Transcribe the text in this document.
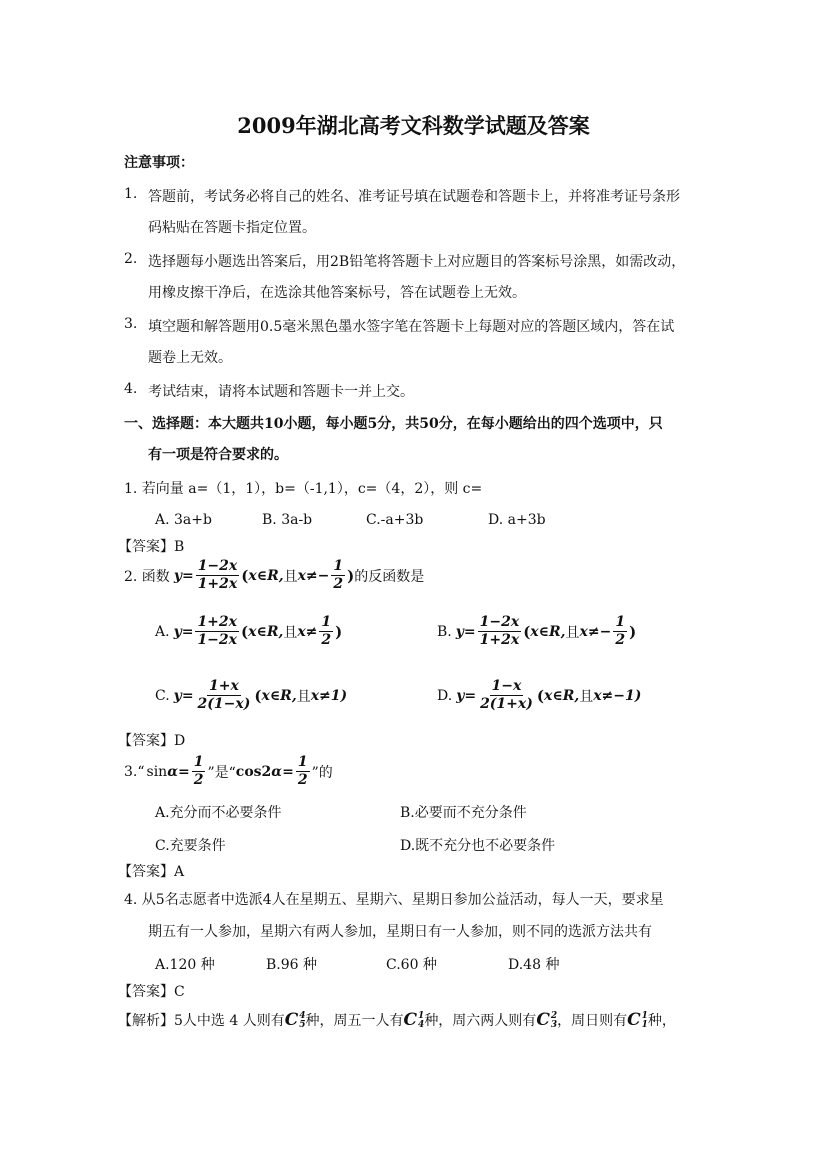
2009年湖北高考文科数学试题及答案
注意事项：
1. 答题前，考试务必将自己的姓名、准考证号填在试题卷和答题卡上，并将准考证号条形
码粘贴在答题卡指定位置。
2. 选择题每小题选出答案后，用2B铅笔将答题卡上对应题目的答案标号涂黑，如需改动，
用橡皮擦干净后，在选涂其他答案标号，答在试题卷上无效。
3. 填空题和解答题用0.5毫米黑色墨水签字笔在答题卡上每题对应的答题区域内，答在试
题卷上无效。
4. 考试结束，请将本试题和答题卡一并上交。
一、选择题：本大题共10小题，每小题5分，共50分，在每小题给出的四个选项中，只
有一项是符合要求的。
1. 若向量 a=（1，1），b=（-1,1），c=（4，2），则 c=
A. 3a+b	B. 3a-b	C.-a+3b	D. a+3b
【答案】B
2. 函数 $y = \frac{1-2x}{1+2x}$ ( x∈R, 且 $x\ne - \frac{1}{2}$ ) 的反函数是
A. $y = \frac{1+2x}{1-2x}$ ( x∈R, 且 $x\ne \frac{1}{2}$ )	B. $y = \frac{1-2x}{1+2x}$ ( x∈R, 且 $x\ne - \frac{1}{2}$ )
C. $y = \frac{1+x}{2(1-x)}$ ( x∈R, 且 x≠1)	D. $y = \frac{1-x}{2(1+x)}$ ( x∈R, 且 x≠−1)
【答案】D
3.“ $\sin \alpha = \frac{1}{2}$ ”是“ cos2 $\alpha = \frac{1}{2}$ ”的
A.充分而不必要条件	B.必要而不充分条件
C.充要条件	D.既不充分也不必要条件
【答案】A
4. 从5名志愿者中选派4人在星期五、星期六、星期日参加公益活动，每人一天，要求星
期五有一人参加，星期六有两人参加，星期日有一人参加，则不同的选派方法共有
A.120 种	B.96 种	C.60 种	D.48 种
【答案】C
【解析】5人中选 4 人则有 C 4
5 种，周五一人有 C 1
4 种，周六两人则有 C 2
3 ，周日则有 C 1
1 种，
